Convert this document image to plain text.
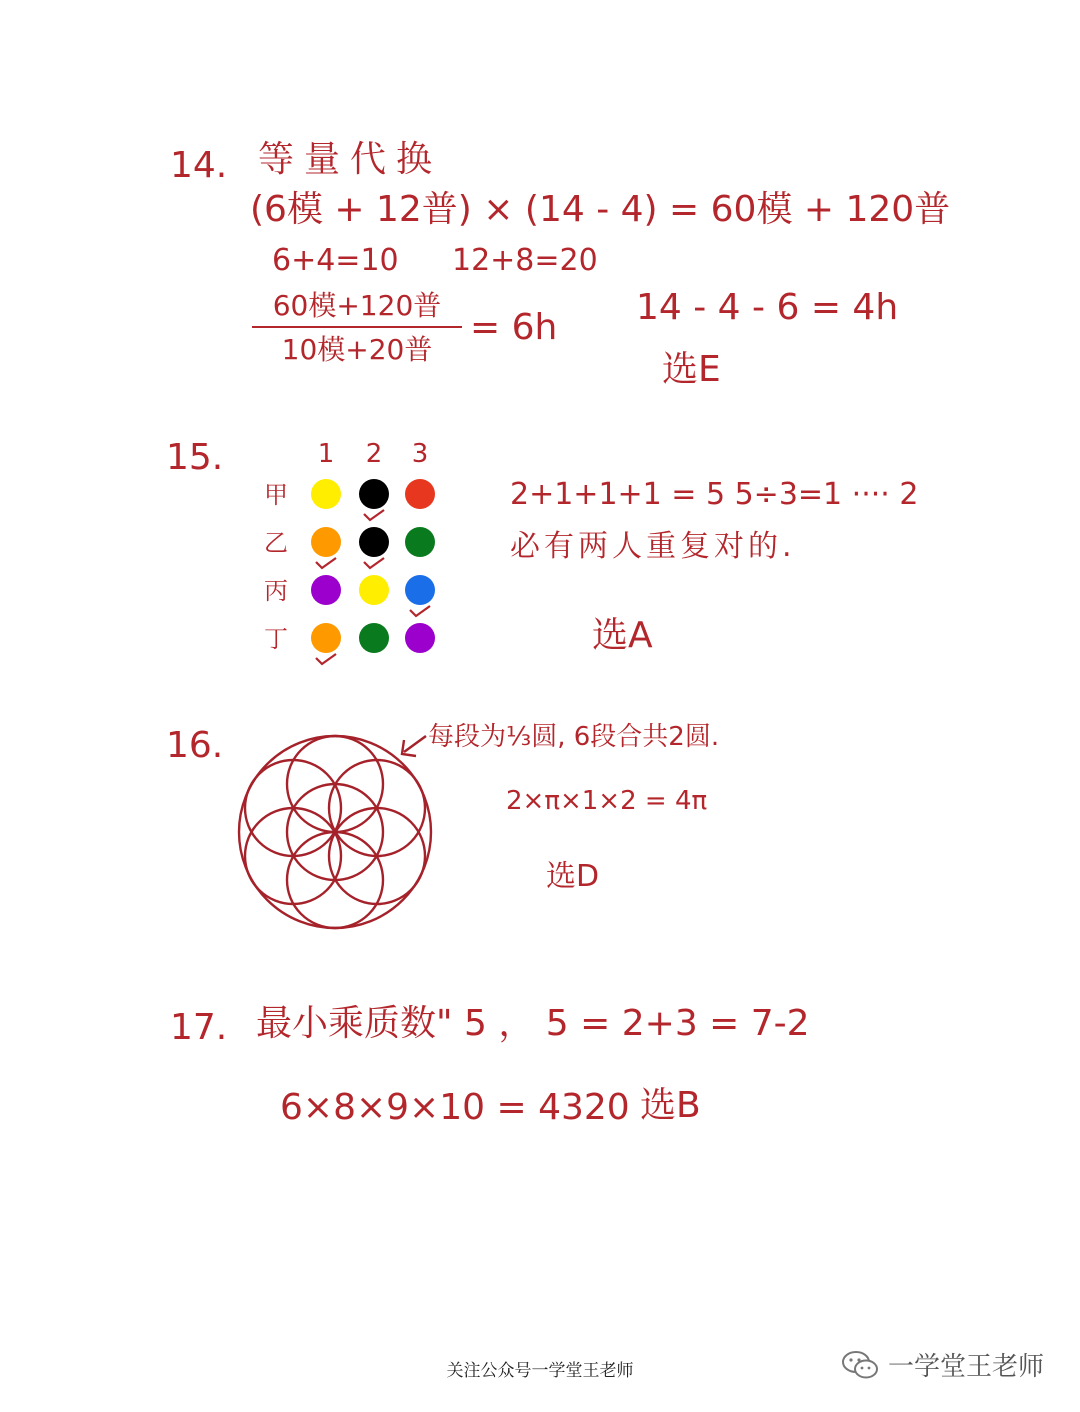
14. 等量代换
(6模 + 12普) × (14 - 4) = 60模 + 120普
6+4=10 12+8=20
60模+120普
10模+20普
= 6h 14 - 4 - 6 = 4h
选E
15.	1 2 3
甲
乙
丙
丁
2+1+1+1 = 5 5÷3=1 ···· 2
必有两人重复对的.
选A
16.	每段为⅓圆, 6段合共2圆.
2×π×1×2 = 4π
选D
17. 最小乘质数" 5 ， 5 = 2+3 = 7-2
6×8×9×10 = 4320 选B
关注公众号一学堂王老师	一学堂王老师
